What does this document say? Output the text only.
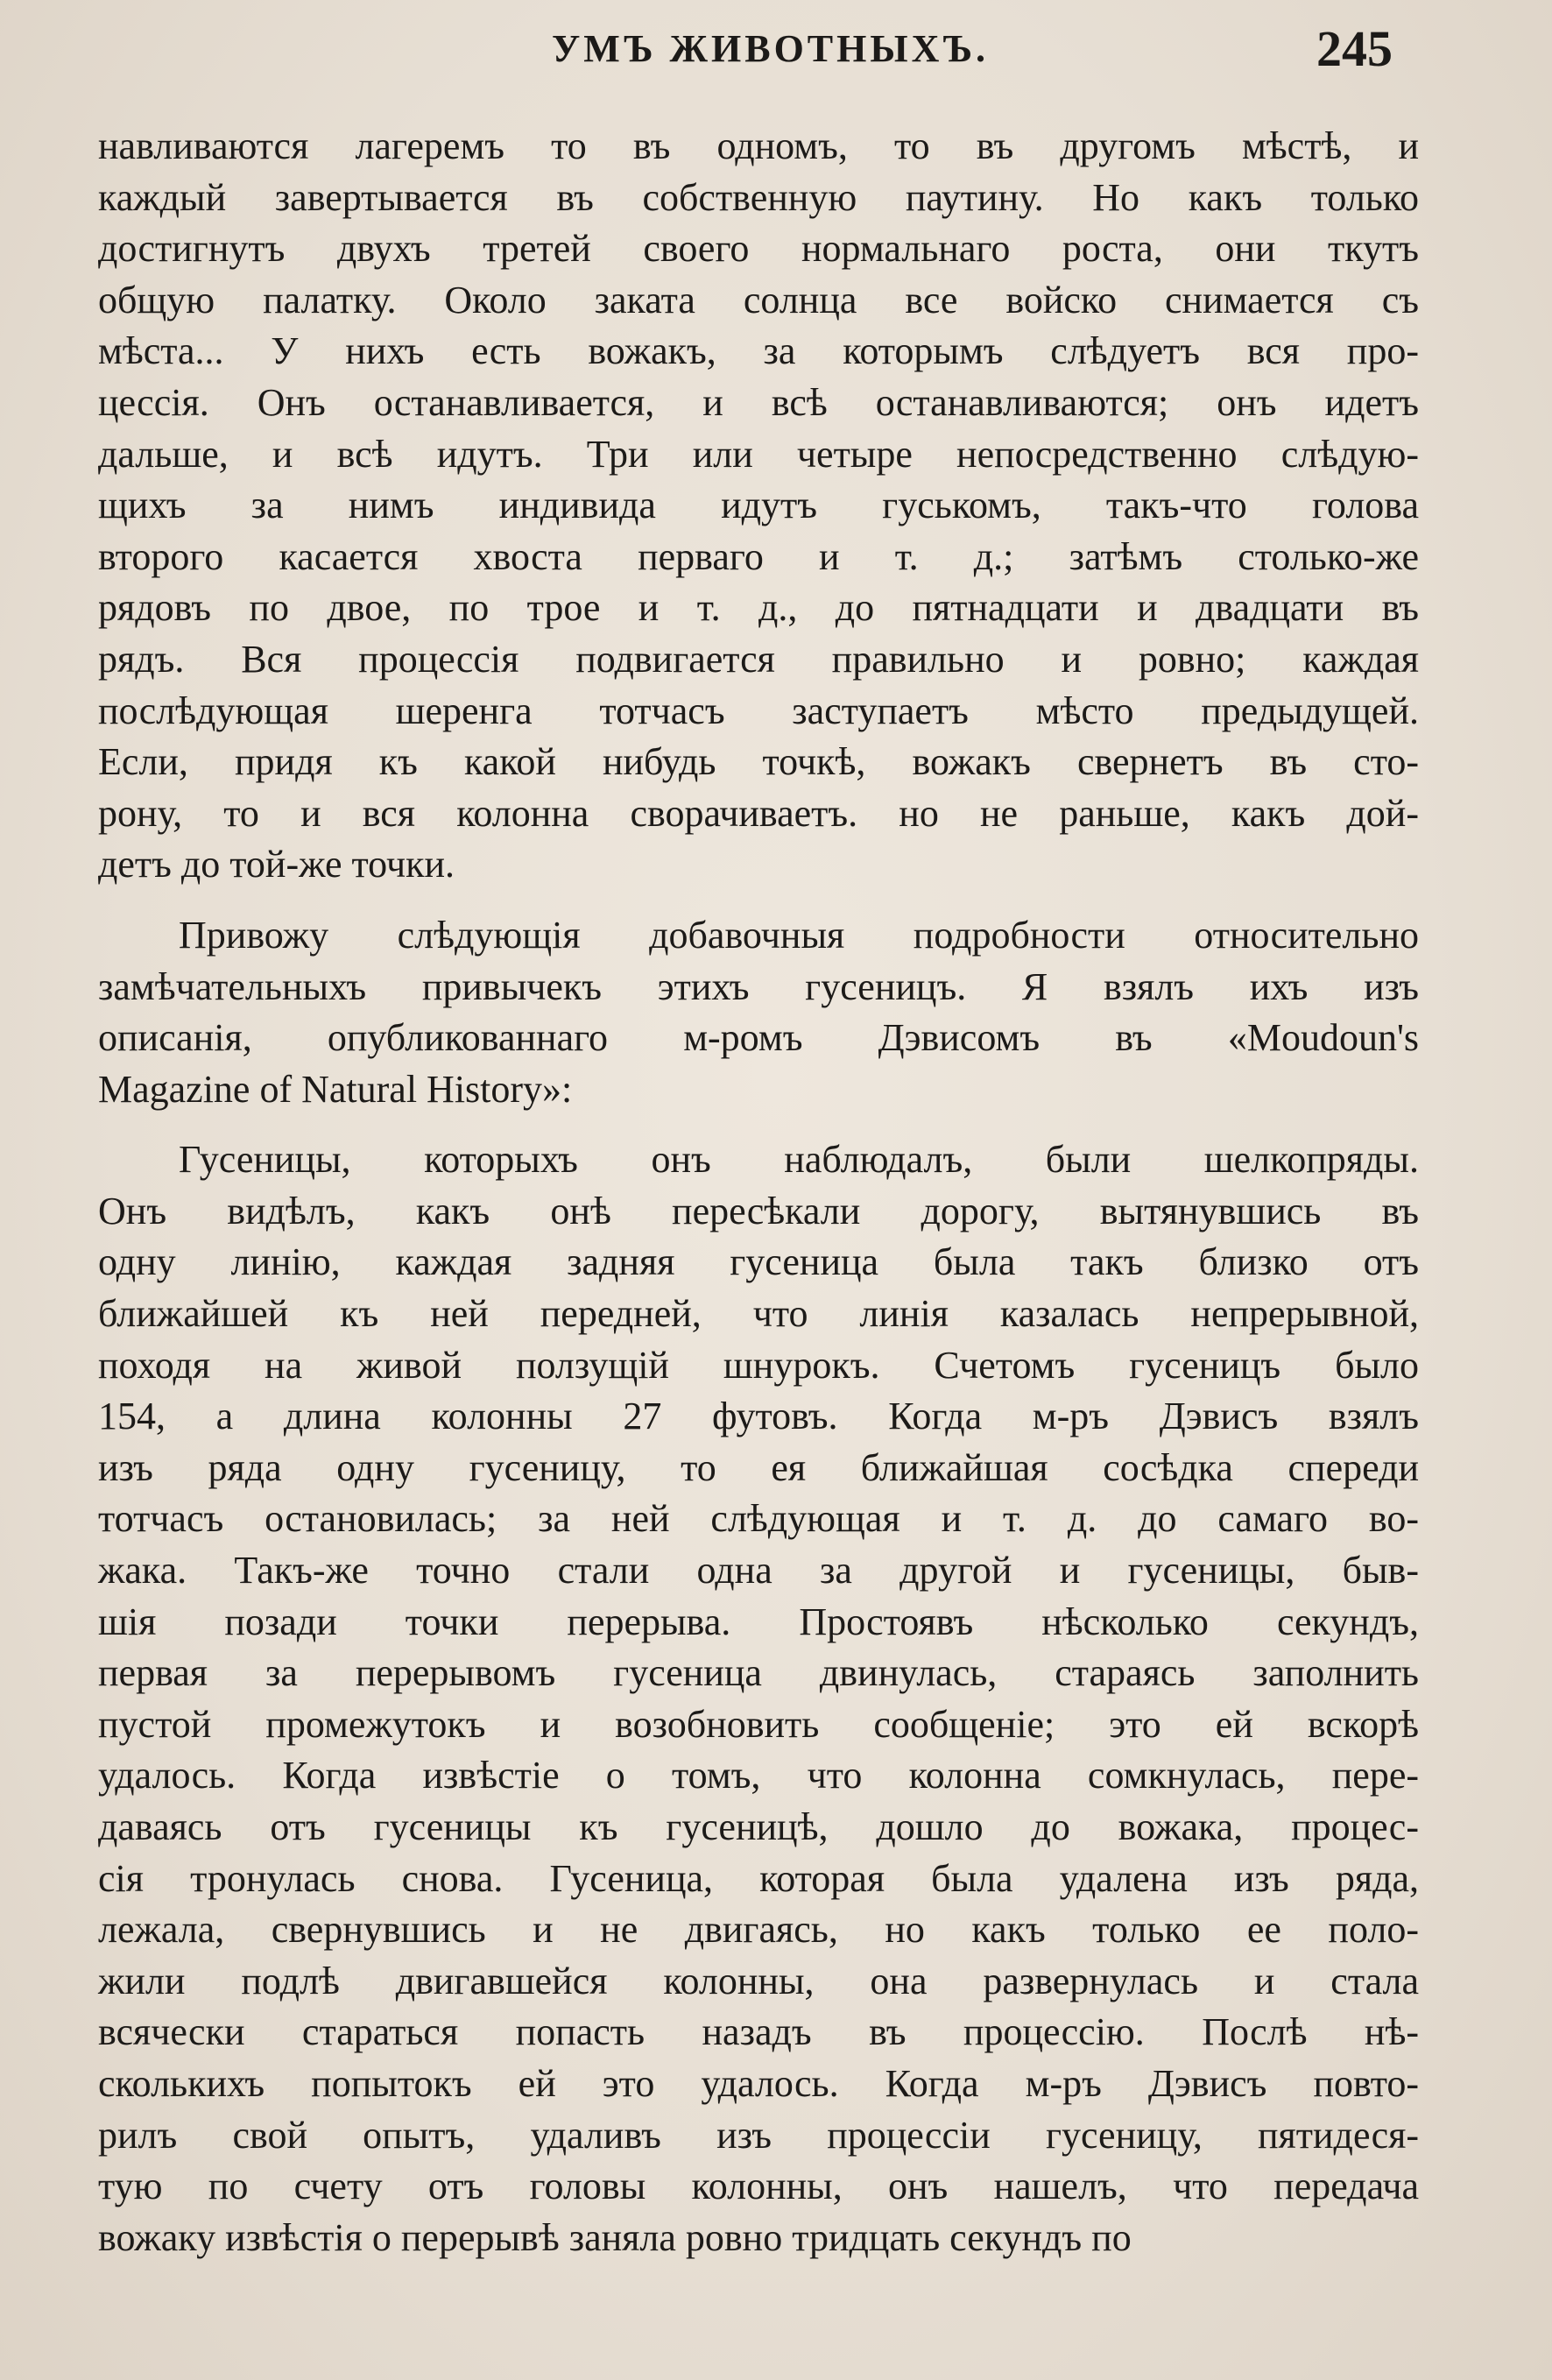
УМЪ ЖИВОТНЫХЪ.	245
навливаются лагеремъ то въ одномъ, то въ другомъ мѣстѣ, и
каждый завертывается въ собственную паутину. Но какъ только
достигнутъ двухъ третей своего нормальнаго роста, они ткутъ
общую палатку. Около заката солнца все войско снимается съ
мѣста... У нихъ есть вожакъ, за которымъ слѣдуетъ вся про-
цессія. Онъ останавливается, и всѣ останавливаются; онъ идетъ
дальше, и всѣ идутъ. Три или четыре непосредственно слѣдую-
щихъ за нимъ индивида идутъ гуськомъ, такъ-что голова
второго касается хвоста перваго и т. д.; затѣмъ столько-же
рядовъ по двое, по трое и т. д., до пятнадцати и двадцати въ
рядъ. Вся процессія подвигается правильно и ровно; каждая
послѣдующая шеренга тотчасъ заступаетъ мѣсто предыдущей.
Если, придя къ какой нибудь точкѣ, вожакъ свернетъ въ сто-
рону, то и вся колонна сворачиваетъ. но не раньше, какъ дой-
детъ до той-же точки.
Привожу слѣдующія добавочныя подробности относительно
замѣчательныхъ привычекъ этихъ гусеницъ. Я взялъ ихъ изъ
описанія, опубликованнаго м-ромъ Дэвисомъ въ «Moudoun's
Magazine of Natural History»:
Гусеницы, которыхъ онъ наблюдалъ, были шелкопряды.
Онъ видѣлъ, какъ онѣ пересѣкали дорогу, вытянувшись въ
одну линію, каждая задняя гусеница была такъ близко отъ
ближайшей къ ней передней, что линія казалась непрерывной,
походя на живой ползущій шнурокъ. Счетомъ гусеницъ было
154, а длина колонны 27 футовъ. Когда м-ръ Дэвисъ взялъ
изъ ряда одну гусеницу, то ея ближайшая сосѣдка спереди
тотчасъ остановилась; за ней слѣдующая и т. д. до самаго во-
жака. Такъ-же точно стали одна за другой и гусеницы, быв-
шія позади точки перерыва. Простоявъ нѣсколько секундъ,
первая за перерывомъ гусеница двинулась, стараясь заполнить
пустой промежутокъ и возобновить сообщеніе; это ей вскорѣ
удалось. Когда извѣстіе о томъ, что колонна сомкнулась, пере-
даваясь отъ гусеницы къ гусеницѣ, дошло до вожака, процес-
сія тронулась снова. Гусеница, которая была удалена изъ ряда,
лежала, свернувшись и не двигаясь, но какъ только ее поло-
жили подлѣ двигавшейся колонны, она развернулась и стала
всячески стараться попасть назадъ въ процессію. Послѣ нѣ-
сколькихъ попытокъ ей это удалось. Когда м-ръ Дэвисъ повто-
рилъ свой опытъ, удаливъ изъ процессіи гусеницу, пятидеся-
тую по счету отъ головы колонны, онъ нашелъ, что передача
вожаку извѣстія о перерывѣ заняла ровно тридцать секундъ по
